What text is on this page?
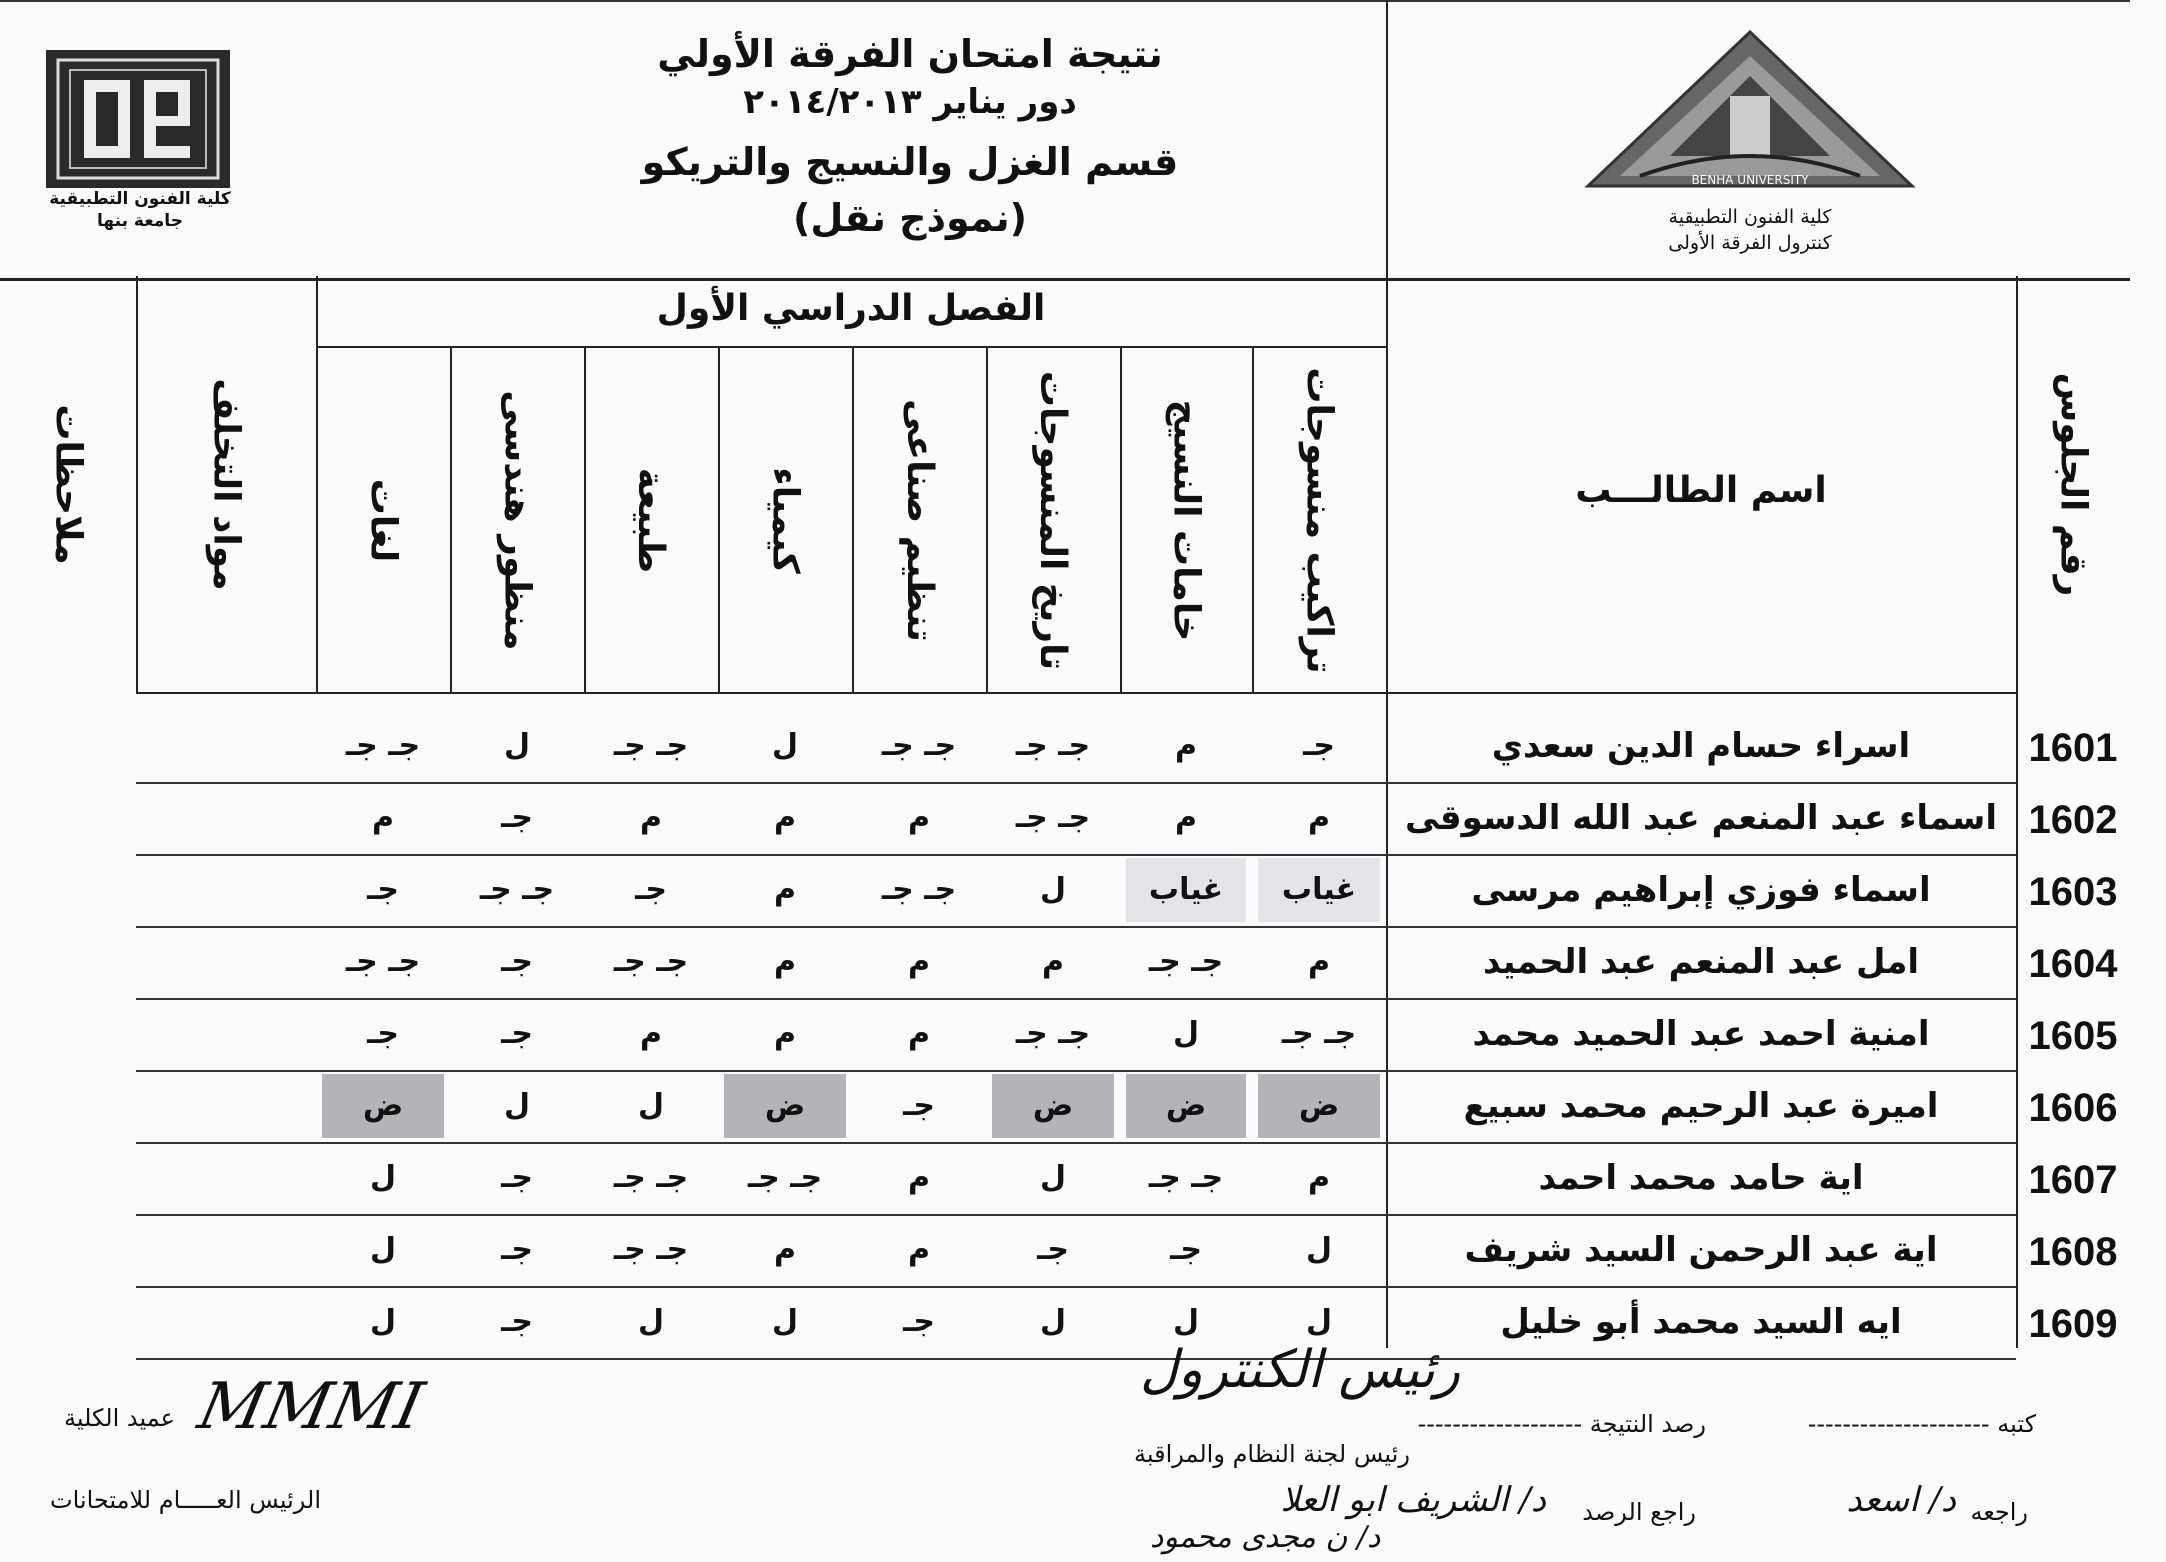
نتيجة امتحان الفرقة الأولي
دور يناير ٢٠١٤/٢٠١٣
قسم الغزل والنسيج والتريكو
(نموذج نقل)
BENHA UNIVERSITY
كلية الفنون التطبيقية
كنترول الفرقة الأولى
كلية الفنون التطبيقية
جامعة بنها
رقم الجلوس
اسم الطالـــب
الفصل الدراسي الأول
تراكيب منسوجات
خامات النسيج
تاريخ المنسوجات
تنظيم صناعى
كيمياء
طبيعة
منظور هندسى
لغات
مواد التخلف
ملاحظات
1601
اسراء حسام الدين سعدي
جـ
م
جـ جـ
جـ جـ
ل
جـ جـ
ل
جـ جـ
1602
اسماء عبد المنعم عبد الله الدسوقى
م
م
جـ جـ
م
م
م
جـ
م
1603
اسماء فوزي إبراهيم مرسى
غياب
غياب
ل
جـ جـ
م
جـ
جـ جـ
جـ
1604
امل عبد المنعم عبد الحميد
م
جـ جـ
م
م
م
جـ جـ
جـ
جـ جـ
1605
امنية احمد عبد الحميد محمد
جـ جـ
ل
جـ جـ
م
م
م
جـ
جـ
1606
اميرة عبد الرحيم محمد سبيع
ض
ض
ض
جـ
ض
ل
ل
ض
1607
اية حامد محمد احمد
م
جـ جـ
ل
م
جـ جـ
جـ جـ
جـ
ل
1608
اية عبد الرحمن السيد شريف
ل
جـ
جـ
م
م
جـ جـ
جـ
ل
1609
ايه السيد محمد أبو خليل
ل
ل
ل
جـ
ل
ل
جـ
ل
كتبه ---------------------
رصد النتيجة -------------------
راجعه
د/ اسعد
راجع الرصد
د/ الشريف ابو العلا
رئيس لجنة النظام والمراقبة
رئيس الكنترول
د/ ن مجدى محمود
عميد الكلية
الرئيس العـــــام للامتحانات
MMMI
